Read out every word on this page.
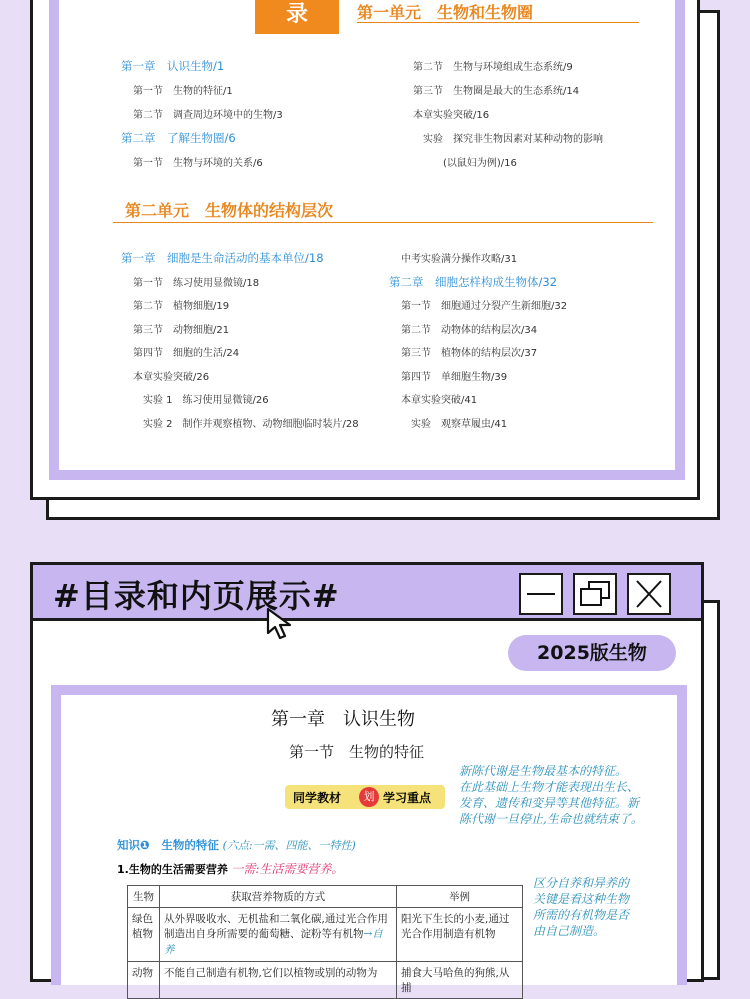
录	第一单元　生物和生物圈
第一章　认识生物/1
第一节　生物的特征/1
第二节　调查周边环境中的生物/3
第二章　了解生物圈/6
第一节　生物与环境的关系/6
第二节　生物与环境组成生态系统/9
第三节　生物圈是最大的生态系统/14
本章实验突破/16
实验　探究非生物因素对某种动物的影响
(以鼠妇为例)/16
第二单元　生物体的结构层次
第一章　细胞是生命活动的基本单位/18
第一节　练习使用显微镜/18
第二节　植物细胞/19
第三节　动物细胞/21
第四节　细胞的生活/24
本章实验突破/26
实验 1　练习使用显微镜/26
实验 2　制作并观察植物、动物细胞临时装片/28
中考实验满分操作攻略/31
第二章　细胞怎样构成生物体/32
第一节　细胞通过分裂产生新细胞/32
第二节　动物体的结构层次/34
第三节　植物体的结构层次/37
第四节　单细胞生物/39
本章实验突破/41
实验　观察草履虫/41
#目录和内页展示#
2025版生物
第一章　认识生物
第一节　生物的特征
同学教材	划 学习重点
新陈代谢是生物最基本的特征。
在此基础上生物才能表现出生长、
发育、遗传和变异等其他特征。新
陈代谢一旦停止,生命也就结束了。
知识❶ 生物的特征 (六点:一需、四能、一特性)
1.生物的生活需要营养 一需:生活需要营养。
生物	获取营养物质的方式	举例
绿色植物	从外界吸收水、无机盐和二氧化碳,通过光合作用制造出自身所需要的葡萄糖、淀粉等有机物→自养	阳光下生长的小麦,通过光合作用制造有机物
动物	不能自己制造有机物,它们以植物或别的动物为	捕食大马哈鱼的狗熊,从捕
区分自养和异养的
关键是看这种生物
所需的有机物是否
由自己制造。
